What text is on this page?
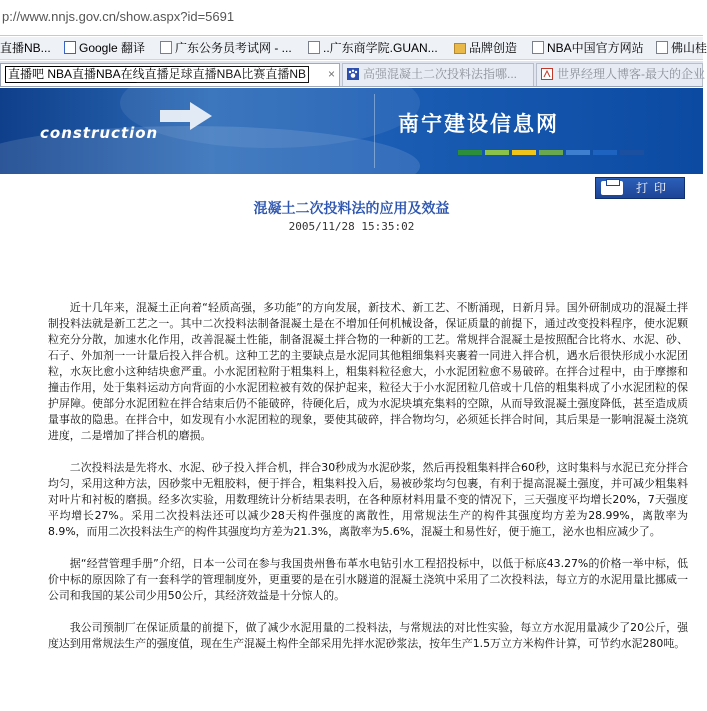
p://www.nnjs.gov.cn/show.aspx?id=5691
直播NB...	Google 翻译	广东公务员考试网 - ...	..广东商学院.GUAN...	品牌创造	NBA中国官方网站	佛山桂
直播吧 NBA直播NBA在线直播足球直播NBA比赛直播NB ×	高强混凝土二次投料法指哪...	世界经理人博客-最大的企业
construction	南宁建设信息网
打印
混凝土二次投料法的应用及效益
2005/11/28 15:35:02

近十几年来，混凝土正向着“轻质高强，多功能”的方向发展，新技术、新工艺、不断涌现，日新月异。国外研制成功的混凝土拌制投料法就是新工艺之一。其中二次投料法制备混凝土是在不增加任何机械设备，保证质量的前提下，通过改变投料程序，使水泥颗粒充分分散，加速水化作用，改善混凝土性能，制备混凝土拌合物的一种新的工艺。常规拌合混凝土是按照配合比将水、水泥、砂、石子、外加剂一一计量后投入拌合机。这种工艺的主要缺点是水泥同其他粗细集料夹裹着一同进入拌合机，遇水后很快形成小水泥团粒，水灰比愈小这种结块愈严重。小水泥团粒附于粗集料上，粗集料粒径愈大，小水泥团粒愈不易破碎。在拌合过程中，由于摩擦和撞击作用，处于集料运动方向背面的小水泥团粒被有效的保护起来，粒径大于小水泥团粒几倍或十几倍的粗集料成了小水泥团粒的保护屏障。使部分水泥团粒在拌合结束后仍不能破碎，待硬化后，成为水泥块填充集料的空隙，从而导致混凝土强度降低，甚至造成质量事故的隐患。在拌合中，如发现有小水泥团粒的现象，要使其破碎，拌合物均匀，必须延长拌合时间，其后果是一影响混凝土浇筑进度，二是增加了拌合机的磨损。

二次投料法是先将水、水泥、砂子投入拌合机，拌合30秒成为水泥砂浆，然后再投粗集料拌合60秒，这时集料与水泥已充分拌合均匀，采用这种方法，因砂浆中无粗胶料，便于拌合，粗集料投入后，易被砂浆均匀包裹，有利于提高混凝土强度，并可减少粗集料对叶片和衬板的磨损。经多次实验，用数理统计分析结果表明，在各种原材料用量不变的情况下，三天强度平均增长20%，7天强度平均增长27%。采用二次投料法还可以减少28天构件强度的离散性，用常规法生产的构件其强度均方差为28.99%，离散率为8.9%，而用二次投料法生产的构件其强度均方差为21.3%，离散率为5.6%，混凝土和易性好，便于施工，泌水也相应减少了。

据“经营管理手册”介绍，日本一公司在参与我国贵州鲁布革水电钻引水工程招投标中，以低于标底43.27%的价格一举中标，低价中标的原因除了有一套科学的管理制度外，更重要的是在引水隧道的混凝土浇筑中采用了二次投料法，每立方的水泥用量比挪威一公司和我国的某公司少用50公斤，其经济效益是十分惊人的。

我公司预制厂在保证质量的前提下，做了减少水泥用量的二投料法，与常规法的对比性实验，每立方水泥用量减少了20公斤，强度达到用常规法生产的强度值，现在生产混凝土构件全部采用先拌水泥砂浆法，按年生产1.5万立方米构件计算，可节约水泥280吨。
